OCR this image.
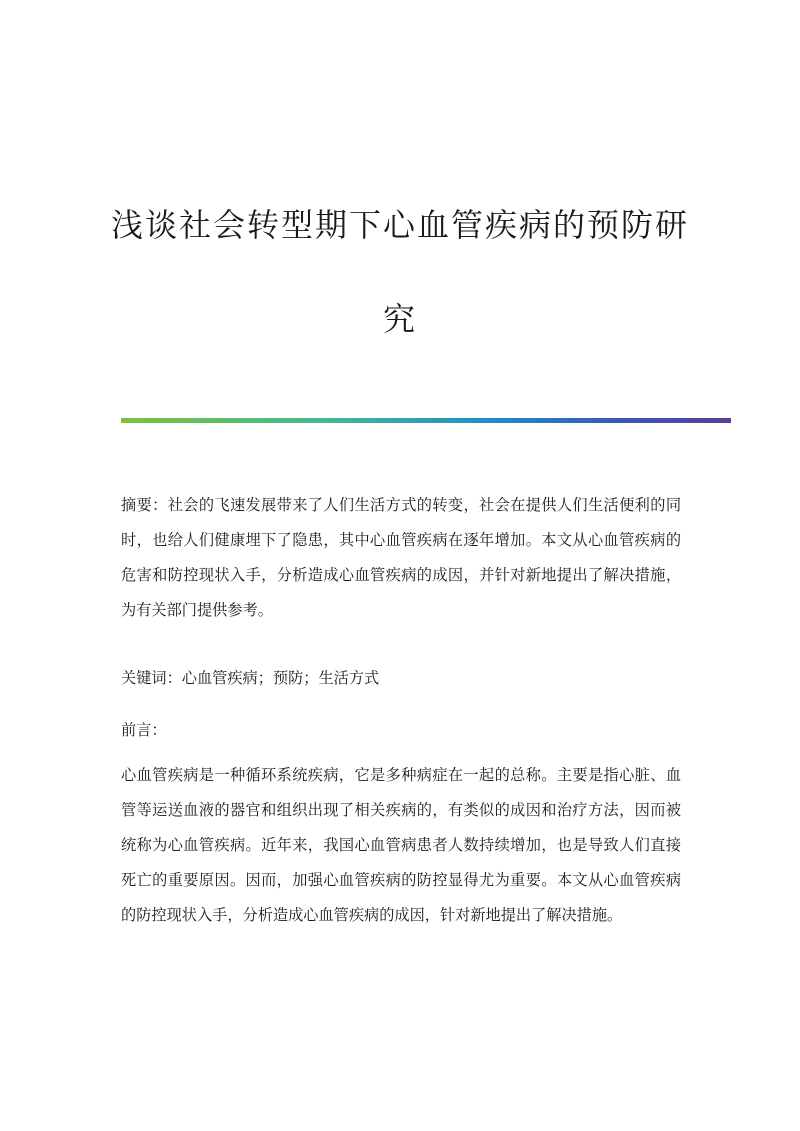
浅谈社会转型期下心血管疾病的预防研究

摘要：社会的飞速发展带来了人们生活方式的转变，社会在提供人们生活便利的同时，也给人们健康埋下了隐患，其中心血管疾病在逐年增加。本文从心血管疾病的危害和防控现状入手，分析造成心血管疾病的成因，并针对新地提出了解决措施，为有关部门提供参考。

关键词：心血管疾病；预防；生活方式

前言：

心血管疾病是一种循环系统疾病，它是多种病症在一起的总称。主要是指心脏、血管等运送血液的器官和组织出现了相关疾病的，有类似的成因和治疗方法，因而被统称为心血管疾病。近年来，我国心血管病患者人数持续增加，也是导致人们直接死亡的重要原因。因而，加强心血管疾病的防控显得尤为重要。本文从心血管疾病的防控现状入手，分析造成心血管疾病的成因，针对新地提出了解决措施。
